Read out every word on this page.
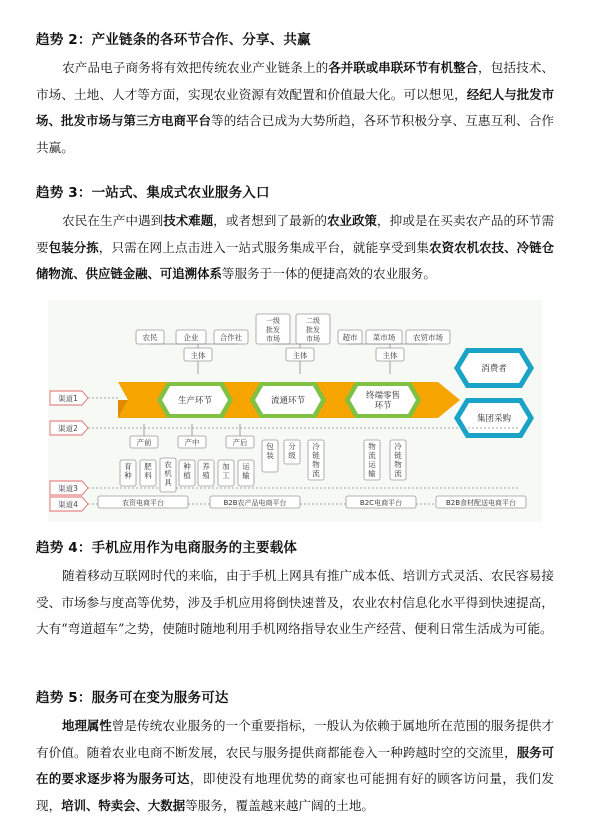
趋势 2：产业链条的各环节合作、分享、共赢
农产品电子商务将有效把传统农业产业链条上的各并联或串联环节有机整合，包括技术、市场、土地、人才等方面，实现农业资源有效配置和价值最大化。可以想见，经纪人与批发市场、批发市场与第三方电商平台等的结合已成为大势所趋，各环节积极分享、互惠互利、合作共赢。
趋势 3：一站式、集成式农业服务入口
农民在生产中遇到技术难题，或者想到了最新的农业政策，抑或是在买卖农产品的环节需要包装分拣，只需在网上点击进入一站式服务集成平台，就能享受到集农资农机农技、冷链仓储物流、供应链金融、可追溯体系等服务于一体的便捷高效的农业服务。
农民	企业	合作社
一级批发市场
二级批发市场	超市 菜市场 农贸市场
主体	主体	主体
生产环节	流通环节	终端零售环节
消费者
集团采购
渠道1
渠道2
渠道3
渠道4
产前	产中	产后
育种
肥料
农机具
种植
养殖
加工
运输
包装
分级
冷链物流
物流运输
冷链物流
农资电商平台	B2B农产品电商平台	B2C电商平台	B2B食材配送电商平台
趋势 4：手机应用作为电商服务的主要载体
随着移动互联网时代的来临，由于手机上网具有推广成本低、培训方式灵活、农民容易接受、市场参与度高等优势，涉及手机应用将倒快速普及，农业农村信息化水平得到快速提高，大有“弯道超车”之势，使随时随地利用手机网络指导农业生产经营、便利日常生活成为可能。
趋势 5：服务可在变为服务可达
地理属性曾是传统农业服务的一个重要指标，一般认为依赖于属地所在范围的服务提供才有价值。随着农业电商不断发展，农民与服务提供商都能卷入一种跨越时空的交流里，服务可在的要求逐步将为服务可达，即使没有地理优势的商家也可能拥有好的顾客访问量，我们发现，培训、特卖会、大数据等服务，覆盖越来越广阔的土地。
